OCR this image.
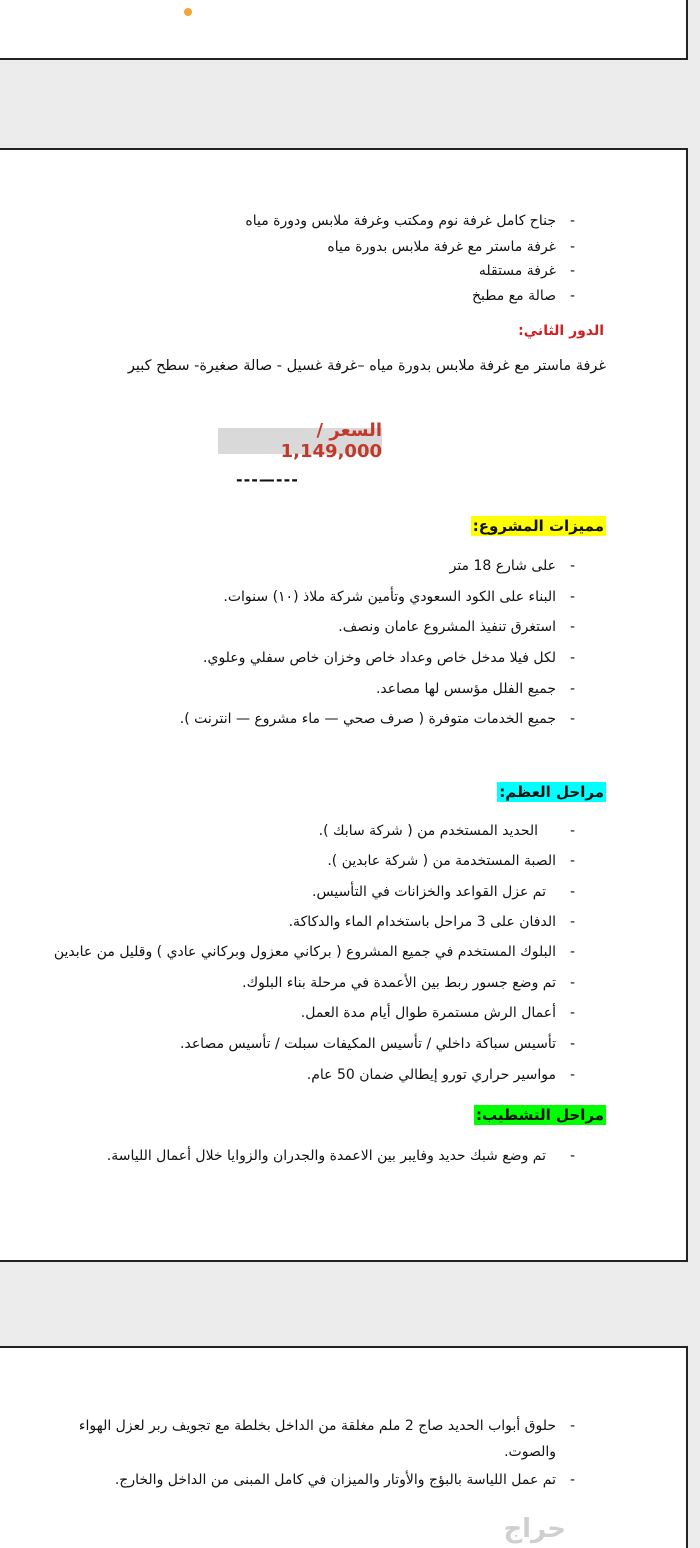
-
جناح كامل غرفة نوم ومكتب وغرفة ملابس ودورة مياه
-
غرفة ماستر مع غرفة ملابس بدورة مياه
-
غرفة مستقله
-
صالة مع مطبخ
الدور الثاني:
غرفة ماستر مع غرفة ملابس بدورة مياه –غرفة غسيل - صالة صغيرة- سطح كبير
السعر / 1,149,000
---—---
مميزات المشروع:
-
على شارع 18 متر
-
البناء على الكود السعودي وتأمين شركة ملاذ (١٠) سنوات.
-
استغرق تنفيذ المشروع عامان ونصف.
-
لكل فيلا مدخل خاص وعداد خاص وخزان خاص سفلي وعلوي.
-
جميع الفلل مؤسس لها مصاعد.
-
جميع الخدمات متوفرة ( صرف صحي — ماء مشروع — انترنت ).
مراحل العظم:
-
الحديد المستخدم من ( شركة سابك ).
-
الصبة المستخدمة من ( شركة عابدين ).
-
تم عزل القواعد والخزانات في التأسيس.
-
الدفان على 3 مراحل باستخدام الماء والدكاكة.
-
البلوك المستخدم في جميع المشروع ( بركاني معزول وبركاني عادي ) وقليل من عابدين
-
تم وضع جسور ربط بين الأعمدة في مرحلة بناء البلوك.
-
أعمال الرش مستمرة طوال أيام مدة العمل.
-
تأسيس سباكة داخلي / تأسيس المكيفات سبلت / تأسيس مصاعد.
-
مواسير حراري تورو إيطالي ضمان 50 عام.
مراحل التشطيب:
-
تم وضع شبك حديد وفايبر بين الاعمدة والجدران والزوايا خلال أعمال اللياسة.
-
حلوق أبواب الحديد صاج 2 ملم مغلقة من الداخل بخلطة مع تجويف ربر لعزل الهواء
والصوت.
-
تم عمل اللياسة بالبؤج والأوتار والميزان في كامل المبنى من الداخل والخارج.
حراج
